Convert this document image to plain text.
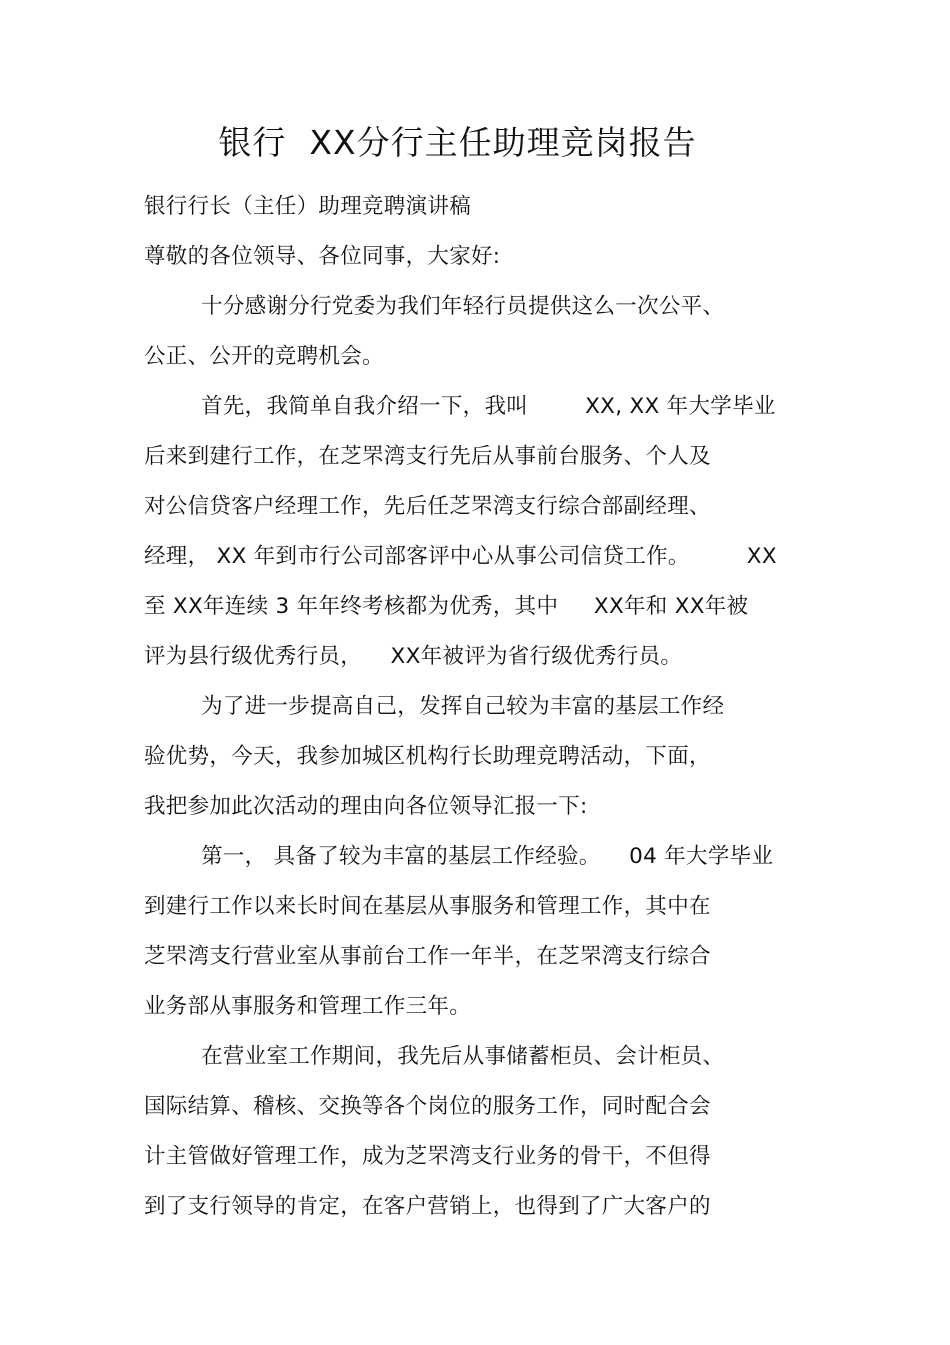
银行  XX分行主任助理竞岗报告
银行行长（主任）助理竞聘演讲稿
尊敬的各位领导、各位同事，大家好:
十分感谢分行党委为我们年轻行员提供这么一次公平、
公正、公开的竞聘机会。
首先，我简单自我介绍一下，我叫        XX, XX 年大学毕业
后来到建行工作，在芝罘湾支行先后从事前台服务、个人及
对公信贷客户经理工作，先后任芝罘湾支行综合部副经理、
经理， XX 年到市行公司部客评中心从事公司信贷工作。        XX
至 XX年连续 3 年年终考核都为优秀，其中     XX年和 XX年被
评为县行级优秀行员，    XX年被评为省行级优秀行员。
为了进一步提高自己，发挥自己较为丰富的基层工作经
验优势，今天，我参加城区机构行长助理竞聘活动，下面，
我把参加此次活动的理由向各位领导汇报一下:
第一， 具备了较为丰富的基层工作经验。    04 年大学毕业
到建行工作以来长时间在基层从事服务和管理工作，其中在
芝罘湾支行营业室从事前台工作一年半，在芝罘湾支行综合
业务部从事服务和管理工作三年。
在营业室工作期间，我先后从事储蓄柜员、会计柜员、
国际结算、稽核、交换等各个岗位的服务工作，同时配合会
计主管做好管理工作，成为芝罘湾支行业务的骨干，不但得
到了支行领导的肯定，在客户营销上，也得到了广大客户的
